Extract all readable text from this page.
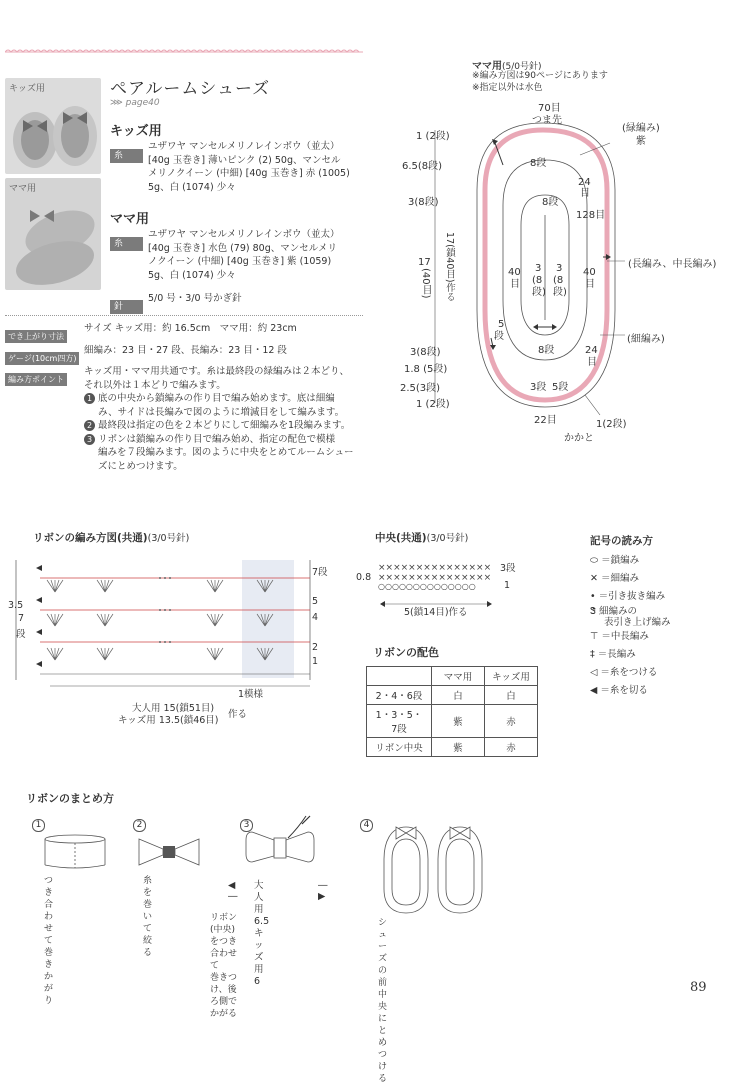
キッズ用
ママ用
ペアルームシューズ
⋙ page40
キッズ用
糸
ユザワヤ マンセルメリノレインボウ（並太）
[40g 玉巻き] 薄いピンク (2) 50g、マンセル
メリノクイーン (中細) [40g 玉巻き] 赤 (1005)
5g、白 (1074) 少々
ママ用
糸
ユザワヤ マンセルメリノレインボウ（並太）
[40g 玉巻き] 水色 (79) 80g、マンセルメリ
ノクイーン (中細) [40g 玉巻き] 紫 (1059)
5g、白 (1074) 少々
針
5/0 号・3/0 号かぎ針
でき上がり寸法
サイズ キッズ用：約 16.5cm　ママ用：約 23cm
ゲージ(10cm四方)
細編み：23 目・27 段、長編み：23 目・12 段
編み方ポイント
キッズ用・ママ用共通です。糸は最終段の緑編みは２本どり、
それ以外は１本どりで編みます。
1 底の中央から鎖編みの作り目で編み始めます。底は細編
み、サイドは長編みで図のように増減目をして編みます。
2 最終段は指定の色を２本どりにして細編みを1段編みます。
3 リボンは鎖編みの作り目で編み始め、指定の配色で模様
編みを７段編みます。図のように中央をとめてルームシュー
ズにとめつけます。
ママ用(5/0号針)
※編み方図は90ページにあります
※指定以外は水色
70目
つま先
(緑編み)
紫
8段
24
目
8段
128目
(長編み、中長編み)
40
目
40
目
3
(8
段)
3
(8
段)
(細編み)
5
段
8段	24
目
3段 5段
22目	1(2段)
かかと
1 (2段)
6.5(8段)
3(8段)
17
(40目) 17(鎖40目)作る
3(8段)
1.8 (5段)
2.5(3段)
1 (2段)
リボンの編み方図(共通)(3/0号針)
3.5
7
段
7段
5
4
2
1
1模様
大人用 15(鎖51目)
キッズ用 13.5(鎖46目)
作る
中央(共通)(3/0号針)
×××××××××××××××
×××××××××××××××
○○○○○○○○○○○○○○
0.8
3段
1
5(鎖14目)作る
リボンの配色
	ママ用	キッズ用
2・4・6段	白	白
1・3・5・7段	紫	赤
リボン中央	紫	赤
記号の読み方
⬭ ＝鎖編み
✕ ＝細編み
• ＝引き抜き編み
Ꮥ 細編みの
表引き上げ編み
⊤ ＝中長編み
‡ ＝長編み
◁ ＝糸をつける
◀ ＝糸を切る
リボンのまとめ方
1
つき合わせて
巻きかがり
2
糸を巻いて
絞る
3
◀ ―
大人用 6.5
キッズ用 6
― ▶
リボン(中央)をつき合わせて
巻きつけ、後ろ側でかがる
4
シューズの前中央に
とめつける
89
